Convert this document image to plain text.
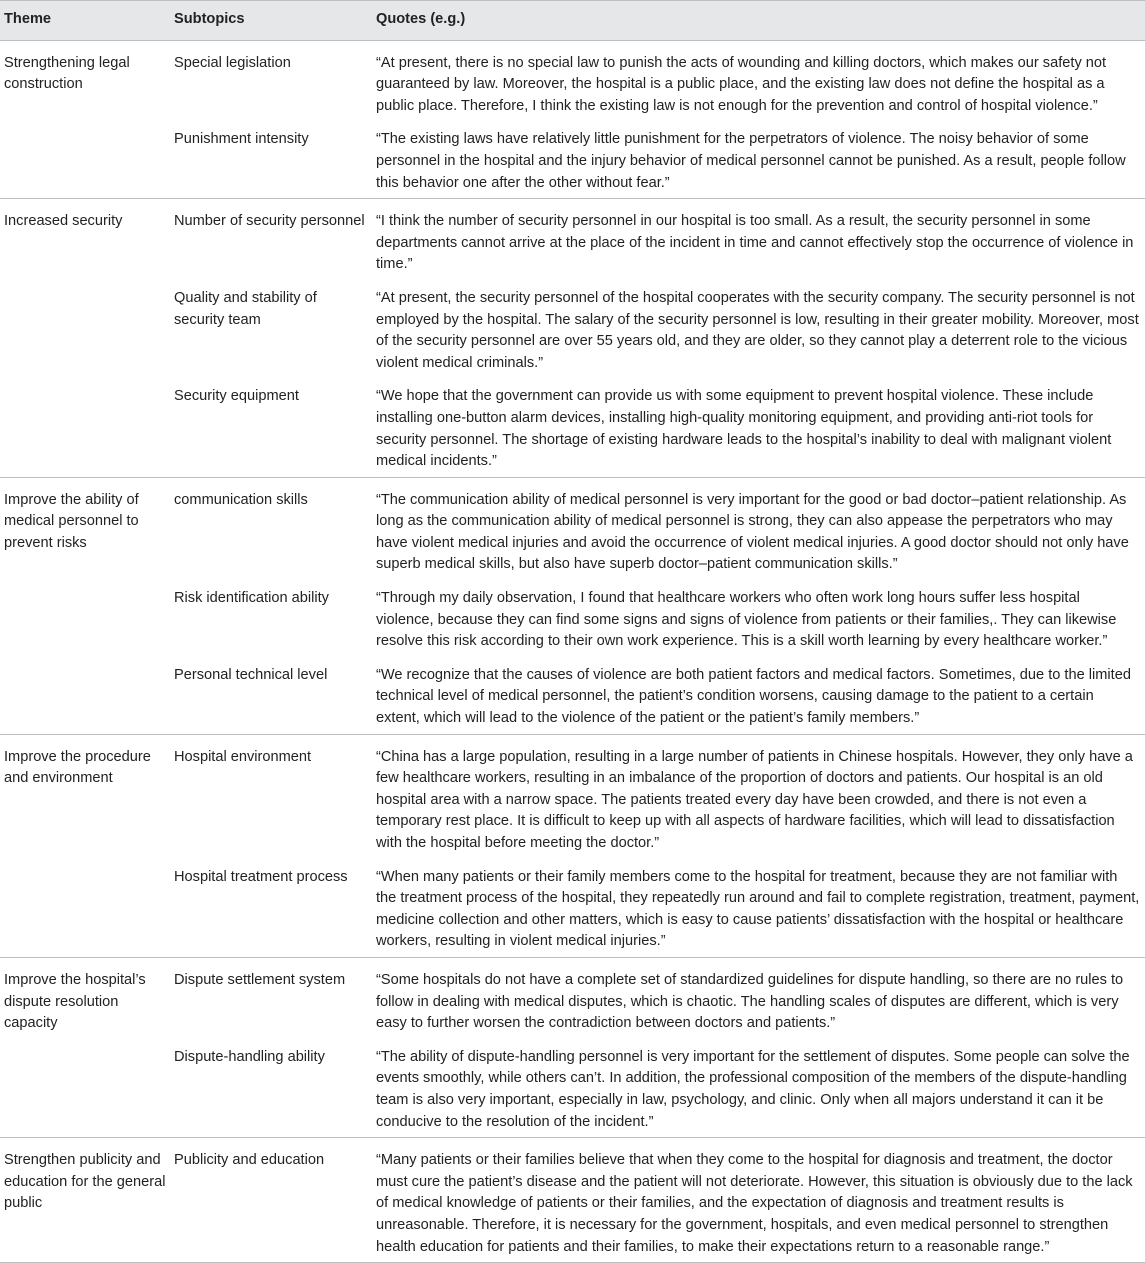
Theme	Subtopics	Quotes (e.g.)
Strengthening legal construction	Special legislation	“At present, there is no special law to punish the acts of wounding and killing doctors, which makes our safety not guaranteed by law. Moreover, the hospital is a public place, and the existing law does not define the hospital as a public place. Therefore, I think the existing law is not enough for the prevention and control of hospital violence.”
	Punishment intensity	“The existing laws have relatively little punishment for the perpetrators of violence. The noisy behavior of some personnel in the hospital and the injury behavior of medical personnel cannot be punished. As a result, people follow this behavior one after the other without fear.”
Increased security	Number of security personnel	“I think the number of security personnel in our hospital is too small. As a result, the security personnel in some departments cannot arrive at the place of the incident in time and cannot effectively stop the occurrence of violence in time.”
	Quality and stability of security team	“At present, the security personnel of the hospital cooperates with the security company. The security personnel is not employed by the hospital. The salary of the security personnel is low, resulting in their greater mobility. Moreover, most of the security personnel are over 55 years old, and they are older, so they cannot play a deterrent role to the vicious violent medical criminals.”
	Security equipment	“We hope that the government can provide us with some equipment to prevent hospital violence. These include installing one-button alarm devices, installing high-quality monitoring equipment, and providing anti-riot tools for security personnel. The shortage of existing hardware leads to the hospital’s inability to deal with malignant violent medical incidents.”
Improve the ability of medical personnel to prevent risks	communication skills	“The communication ability of medical personnel is very important for the good or bad doctor–patient relationship. As long as the communication ability of medical personnel is strong, they can also appease the perpetrators who may have violent medical injuries and avoid the occurrence of violent medical injuries. A good doctor should not only have superb medical skills, but also have superb doctor–patient communication skills.”
	Risk identification ability	“Through my daily observation, I found that healthcare workers who often work long hours suffer less hospital violence, because they can find some signs and signs of violence from patients or their families,. They can likewise resolve this risk according to their own work experience. This is a skill worth learning by every healthcare worker.”
	Personal technical level	“We recognize that the causes of violence are both patient factors and medical factors. Sometimes, due to the limited technical level of medical personnel, the patient’s condition worsens, causing damage to the patient to a certain extent, which will lead to the violence of the patient or the patient’s family members.”
Improve the procedure and environment	Hospital environment	“China has a large population, resulting in a large number of patients in Chinese hospitals. However, they only have a few healthcare workers, resulting in an imbalance of the proportion of doctors and patients. Our hospital is an old hospital area with a narrow space. The patients treated every day have been crowded, and there is not even a temporary rest place. It is difficult to keep up with all aspects of hardware facilities, which will lead to dissatisfaction with the hospital before meeting the doctor.”
	Hospital treatment process	“When many patients or their family members come to the hospital for treatment, because they are not familiar with the treatment process of the hospital, they repeatedly run around and fail to complete registration, treatment, payment, medicine collection and other matters, which is easy to cause patients’ dissatisfaction with the hospital or healthcare workers, resulting in violent medical injuries.”
Improve the hospital’s dispute resolution capacity	Dispute settlement system	“Some hospitals do not have a complete set of standardized guidelines for dispute handling, so there are no rules to follow in dealing with medical disputes, which is chaotic. The handling scales of disputes are different, which is very easy to further worsen the contradiction between doctors and patients.”
	Dispute-handling ability	“The ability of dispute-handling personnel is very important for the settlement of disputes. Some people can solve the events smoothly, while others can’t. In addition, the professional composition of the members of the dispute-handling team is also very important, especially in law, psychology, and clinic. Only when all majors understand it can it be conducive to the resolution of the incident.”
Strengthen publicity and education for the general public	Publicity and education	“Many patients or their families believe that when they come to the hospital for diagnosis and treatment, the doctor must cure the patient’s disease and the patient will not deteriorate. However, this situation is obviously due to the lack of medical knowledge of patients or their families, and the expectation of diagnosis and treatment results is unreasonable. Therefore, it is necessary for the government, hospitals, and even medical personnel to strengthen health education for patients and their families, to make their expectations return to a reasonable range.”
